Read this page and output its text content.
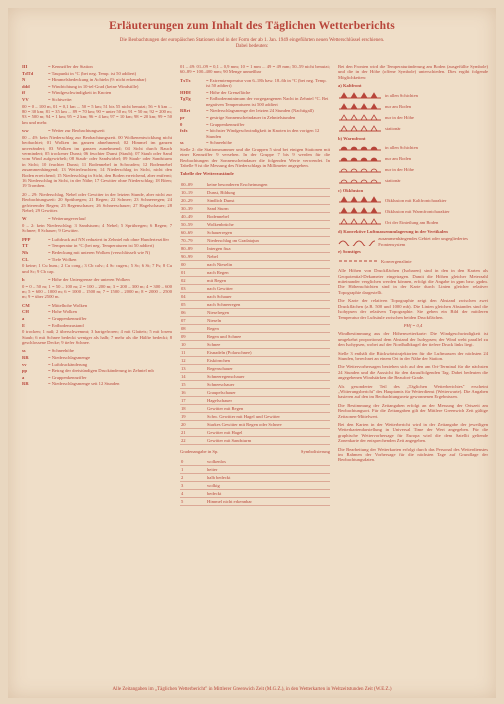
Erläuterungen zum Inhalt des Täglichen Wetterberichts
Die Beobachtungen der europäischen Stationen sind in der Form der ab 1. Jan. 1949 eingeführten neuen Wetterschlüssel erschienen.
Dabei bedeuten:
III	= Kennziffer der Station
TdTd	= Taupunkt in °C (bei neg. Temp. ist 50 addiert)
N	= Himmelsbedeckung in Achteln (9: nicht erkennbar)
ddd	= Windrichtung in 10-tel-Grad (keine Windstille)
ff	= Windgeschwindigkeit in Knoten
VV	= Sichtweite:

00 = 0 – 100 m, 01 = 0,1 km ... 50 = 5 km; 51 bis 55 nicht benutzt; 56 = 6 km ... 80 = 30 km; 81 = 35 km ... 89 = 70 km; 90 = unter 50 m; 91 = 50 m; 92 = 200 m; 93 = 500 m; 94 = 1 km; 95 = 2 km; 96 = 4 km; 97 = 10 km; 98 = 20 km; 99 = 50 km und mehr.

ww	= Wetter zur Beobachtungszeit

00 – 49: kein Niederschlag zur Beobachtungszeit. 00 Wolkenentwicklung nicht beobachtet; 01 Wolken im ganzen abnehmend; 02 Himmel im ganzen unverändert; 03 Wolken im ganzen zunehmend; 04 Sicht durch Rauch vermindert; 05 trockener Dunst; 06 feuchter Dunst (Staub); 07 Staub oder Sand vom Wind aufgewirbelt; 08 Staub- oder Sandwirbel; 09 Staub- oder Sandsturm in Sicht; 10 feuchter Dunst; 11 Bodennebel in Schwaden; 12 Bodennebel zusammenhängend; 13 Wetterleuchten; 14 Niederschlag in Sicht, nicht den Boden erreichend; 15 Niederschlag in Sicht, den Boden erreichend, aber entfernt; 16 Niederschlag in Sicht, in der Nähe; 17 Gewitter ohne Niederschlag; 18 Böen; 19 Tromben.

20 – 29: Niederschlag, Nebel oder Gewitter in der letzten Stunde, aber nicht zur Beobachtungszeit: 20 Sprühregen; 21 Regen; 22 Schnee; 23 Schneeregen; 24 gefrierender Regen; 25 Regenschauer; 26 Schneeschauer; 27 Hagelschauer; 28 Nebel; 29 Gewitter.

W	= Wetterungeverlauf

0 – 2: kein Niederschlag; 3 Sandsturm; 4 Nebel; 5 Sprühregen; 6 Regen; 7 Schnee; 8 Schauer; 9 Gewitter.

PPP	= Luftdruck auf NN reduziert in Zehntel mb ohne Hunderterziffer
TT	= Temperatur in °C (bei neg. Temperaturen ist 50 addiert)
Nh	= Bedeckung mit unteren Wolken (verschlüsselt wie N)
CL	= Tiefe Wolken

0 keine; 1 Cu hum.; 2 Cu cong.; 3 Cb calv.; 4 Sc cugen.; 5 Sc; 6 St; 7 Fs; 8 Cu und Sc; 9 Cb cap.

h	= Höhe der Untergrenze der unteren Wolken

0 = 0 – 50 m; 1 = 50 – 100 m; 2 = 100 – 200 m; 3 = 200 – 300 m; 4 = 300 – 600 m; 5 = 600 – 1000 m; 6 = 1000 – 1500 m; 7 = 1500 – 2000 m; 8 = 2000 – 2500 m; 9 = über 2500 m.

CM	= Mittelhohe Wolken
CH	= Hohe Wolken
a	= Gruppenkennziffer
E	= Erdbodenzustand

0 trocken; 1 naß; 2 überschwemmt; 3 hartgefroren; 4 mit Glatteis; 5 mit losem Staub; 6 mit Schnee bedeckt weniger als halb; 7 mehr als die Hälfte bedeckt; 8 geschlossene Decke; 9 tiefer Schnee.

ss	= Schneehöhe
RR	= Niederschlagsmenge
vv	= Luftdruckänderung
pp	= Betrag der dreistündigen Druckänderung in Zehntel mb
a	= Gruppenkennziffer
RR	= Niederschlagsmenge seit 12 Stunden

01 – 49: 01–09 = 0,1 – 0,9 mm; 10 = 1 mm ... 49 = 49 mm; 50–59 nicht benutzt; 60–89 = 100–400 mm; 90 Menge unmeßbar

TxTx	= Extremtemperatur von 6–18h bzw. 18–6h in °C (bei neg. Temp. ist 50 addiert)
HHH	= Höhe der Grenzfläche
TgTg	= Erdbodenminimum der vorgegangenen Nacht in Zehntel °C. Bei negativen Temperaturen ist 500 addiert
RRrt	= Niederschlagsmenge der letzten 24 Stunden (Nachtigall)
pr	= gestrige Sonnenscheindauer in Zehntelstunden
0	= Gruppenkennziffer
fxfx	= höchster Windgeschwindigkeit in Knoten in den vorigen 12 Stunden
ss	= Schneehöhe

Stelle 2: die Stationsnummer und die Gruppen 5 sind bei einigen Stationen mit einer Kennziffer 9 versehen. In der Gruppe 7 bis 9 werden für die Beobachtungen der Sonnenscheindauer die folgenden Werte verwendet. In Tabelle 9 ist die Messung des Niederschlags in Millimeter angegeben.

Tabelle der Wetterzustände
00–09	keine besonderen Erscheinungen
10–19	Dunst, Bildung
20–29	Sindlich Dunst
30–39	Sand Sturm
40–49	Bodennebel
50–59	Wolkenbrüche
60–69	Schauerregen
70–79	Niederschlag ım Gradatajun
80–89	Intergen ftua
90–99	Nebel
00	nach Nieselin
01	nach Regen
02	mit Regen
03	nach Gewitter
04	nach Schauer
05	nach Schneeregen
06	Nieselregen
07	Nieseln
08	Regen
09	Regen und Schnee
10	Schnee
11	Eisnadeln (Polarschnee)
12	Eiskörnchen
13	Regenschauer
14	Schneeregenschauer
15	Schneeschauer
16	Graupelschauer
17	Hagelschauer
18	Gewitter mit Regen
19	Schw. Gewitter mit Hagel und Gewitter
20	Starkes Gewitter mit Regen oder Schnee
21	Gewitter mit Hagel
22	Gewitter mit Sandsturm
Gradenangabe in Sp.	Symbolisierung
0	wolkenlos
1	heiter
2	halb bedeckt
3	wolkig
4	bedeckt
5	Himmel nicht erkennbar

Bei den Fronten wird die Temperaturänderung am Boden (ausgefüllte Symbole) und die in der Höhe (offene Symbole) unterschieden. Dies ergibt folgende Möglichkeiten:

a) Kaltfront
in allen Schichten
nur am Boden
nur in der Höhe
stationär
b) Warmfront
in allen Schichten
nur am Boden
nur in der Höhe
stationär
c) Okklusion
Okklusion mit Kaltfrontcharakter
Okklusion mit Warmfrontcharakter
Ort der Einteilung am Boden
d) Konvektive Luftmassenumlagerung in der Vertikalen
zusammenhängendes Gebiet oder ungegliedertes Frontensystem
e) Sonstiges
Konvergenzlinie

Alle Höhen von Druckflächen (Isobaren) sind in den in den Karten als Geopotential-Dekameter eingetragen. Damit die Höhen gleicher Meterzahl miteinander verglichen werden können, erfolgt die Angabe in gpm bzw. gpdm. Die Höhenschichten sind in der Karte durch Linien gleicher relativer Topographie dargestellt.

Die Karte der relativen Topographie zeigt den Abstand zwischen zwei Druckflächen (z.B. 500 und 1000 mb). Die Linien gleichen Abstandes sind die Isohypsen der relativen Topographie. Sie geben ein Bild der mittleren Temperatur der Luftsäule zwischen beiden Druckflächen.

PHf = 0,4

Windbestimmung aus der Höhenwetterkarte: Die Windgeschwindigkeit ist umgekehrt proportional dem Abstand der Isohypsen; der Wind weht parallel zu den Isohypsen, wobei auf der Nordhalbkugel der tiefere Druck links liegt.

Stelle 3 enthält die Rückwärtstrajektorien für die Luftmassen der nächsten 24 Stunden, berechnet an einem Ort in der Nähe der Station.

Die Wettervorhersagen beziehen sich auf den am Ort-Terminal für die nächsten 24 Stunden und die Aussicht für den darauffolgenden Tag. Dabei bedeuten die angegebenen Windstärken die Beaufort-Grade.

Als gesonderter Teil des „Täglichen Wetterberichtes" erscheint „Witterungsbericht" des Hauptamts für Wetterdienst (Wetterwarte). Die Angaben basieren auf den im Beobachtungsnetz gewonnenen Ergebnissen.

Die Bestimmung der Zeitangaben erfolgt an der Messung der Ortszeit am Beobachtungsort. Für die Zeitangaben gilt der Mittlere Greenwich Zeit gültige Zeitzonen-Mittelwert.

Bei den Karten in der Wetterbericht wird in der Zeitangabe der jeweiligen Wetterkartendarstellung in Universal Time der Wert angegeben. Für die graphische Wettervorhersage für Europa wird die dem Satellit geltende Zonenkarte der entsprechenden Zeit angegeben.

Die Bearbeitung der Wetterkarten erfolgt durch das Personal des Wetterdienstes im Rahmen der Vorhersage für die nächsten Tage auf Grundlage der Beobachtungsdaten.

Alle Zeitangaben im „Täglichen Wetterbericht" in Mittlerer Greenwich Zeit (M.G.Z.), in den Wetterkarten in Weltzeitstunden Zeit (W.E.Z.)
